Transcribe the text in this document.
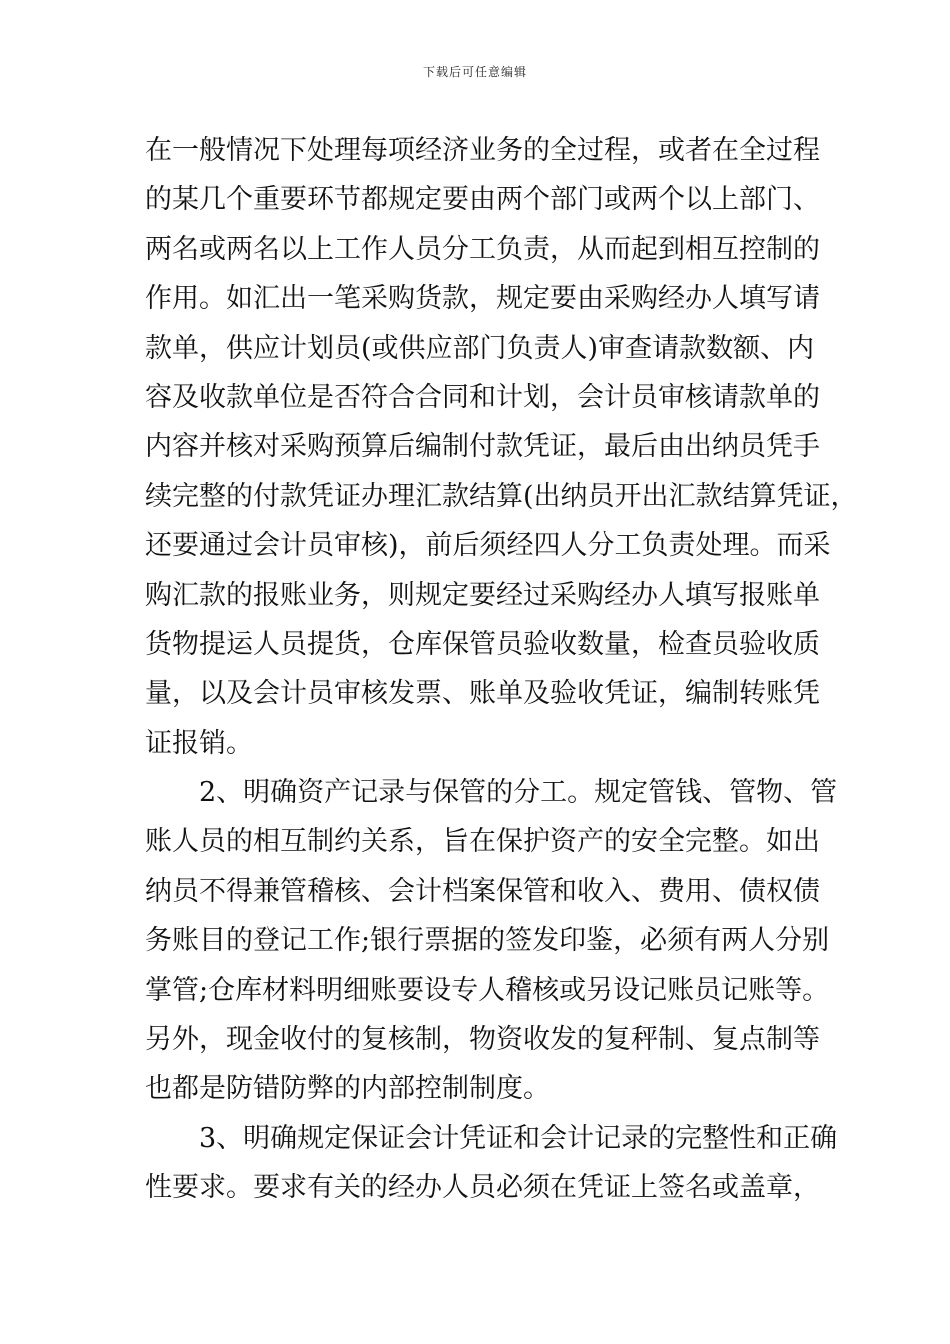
下载后可任意编辑
在一般情况下处理每项经济业务的全过程，或者在全过程
的某几个重要环节都规定要由两个部门或两个以上部门、
两名或两名以上工作人员分工负责，从而起到相互控制的
作用。如汇出一笔采购货款，规定要由采购经办人填写请
款单，供应计划员(或供应部门负责人)审查请款数额、内
容及收款单位是否符合合同和计划，会计员审核请款单的
内容并核对采购预算后编制付款凭证，最后由出纳员凭手
续完整的付款凭证办理汇款结算(出纳员开出汇款结算凭证，
还要通过会计员审核)，前后须经四人分工负责处理。而采
购汇款的报账业务，则规定要经过采购经办人填写报账单
货物提运人员提货，仓库保管员验收数量，检查员验收质
量，以及会计员审核发票、账单及验收凭证，编制转账凭
证报销。
2、明确资产记录与保管的分工。规定管钱、管物、管
账人员的相互制约关系，旨在保护资产的安全完整。如出
纳员不得兼管稽核、会计档案保管和收入、费用、债权债
务账目的登记工作;银行票据的签发印鉴，必须有两人分别
掌管;仓库材料明细账要设专人稽核或另设记账员记账等。
另外，现金收付的复核制，物资收发的复秤制、复点制等
也都是防错防弊的内部控制制度。
3、明确规定保证会计凭证和会计记录的完整性和正确
性要求。要求有关的经办人员必须在凭证上签名或盖章，
